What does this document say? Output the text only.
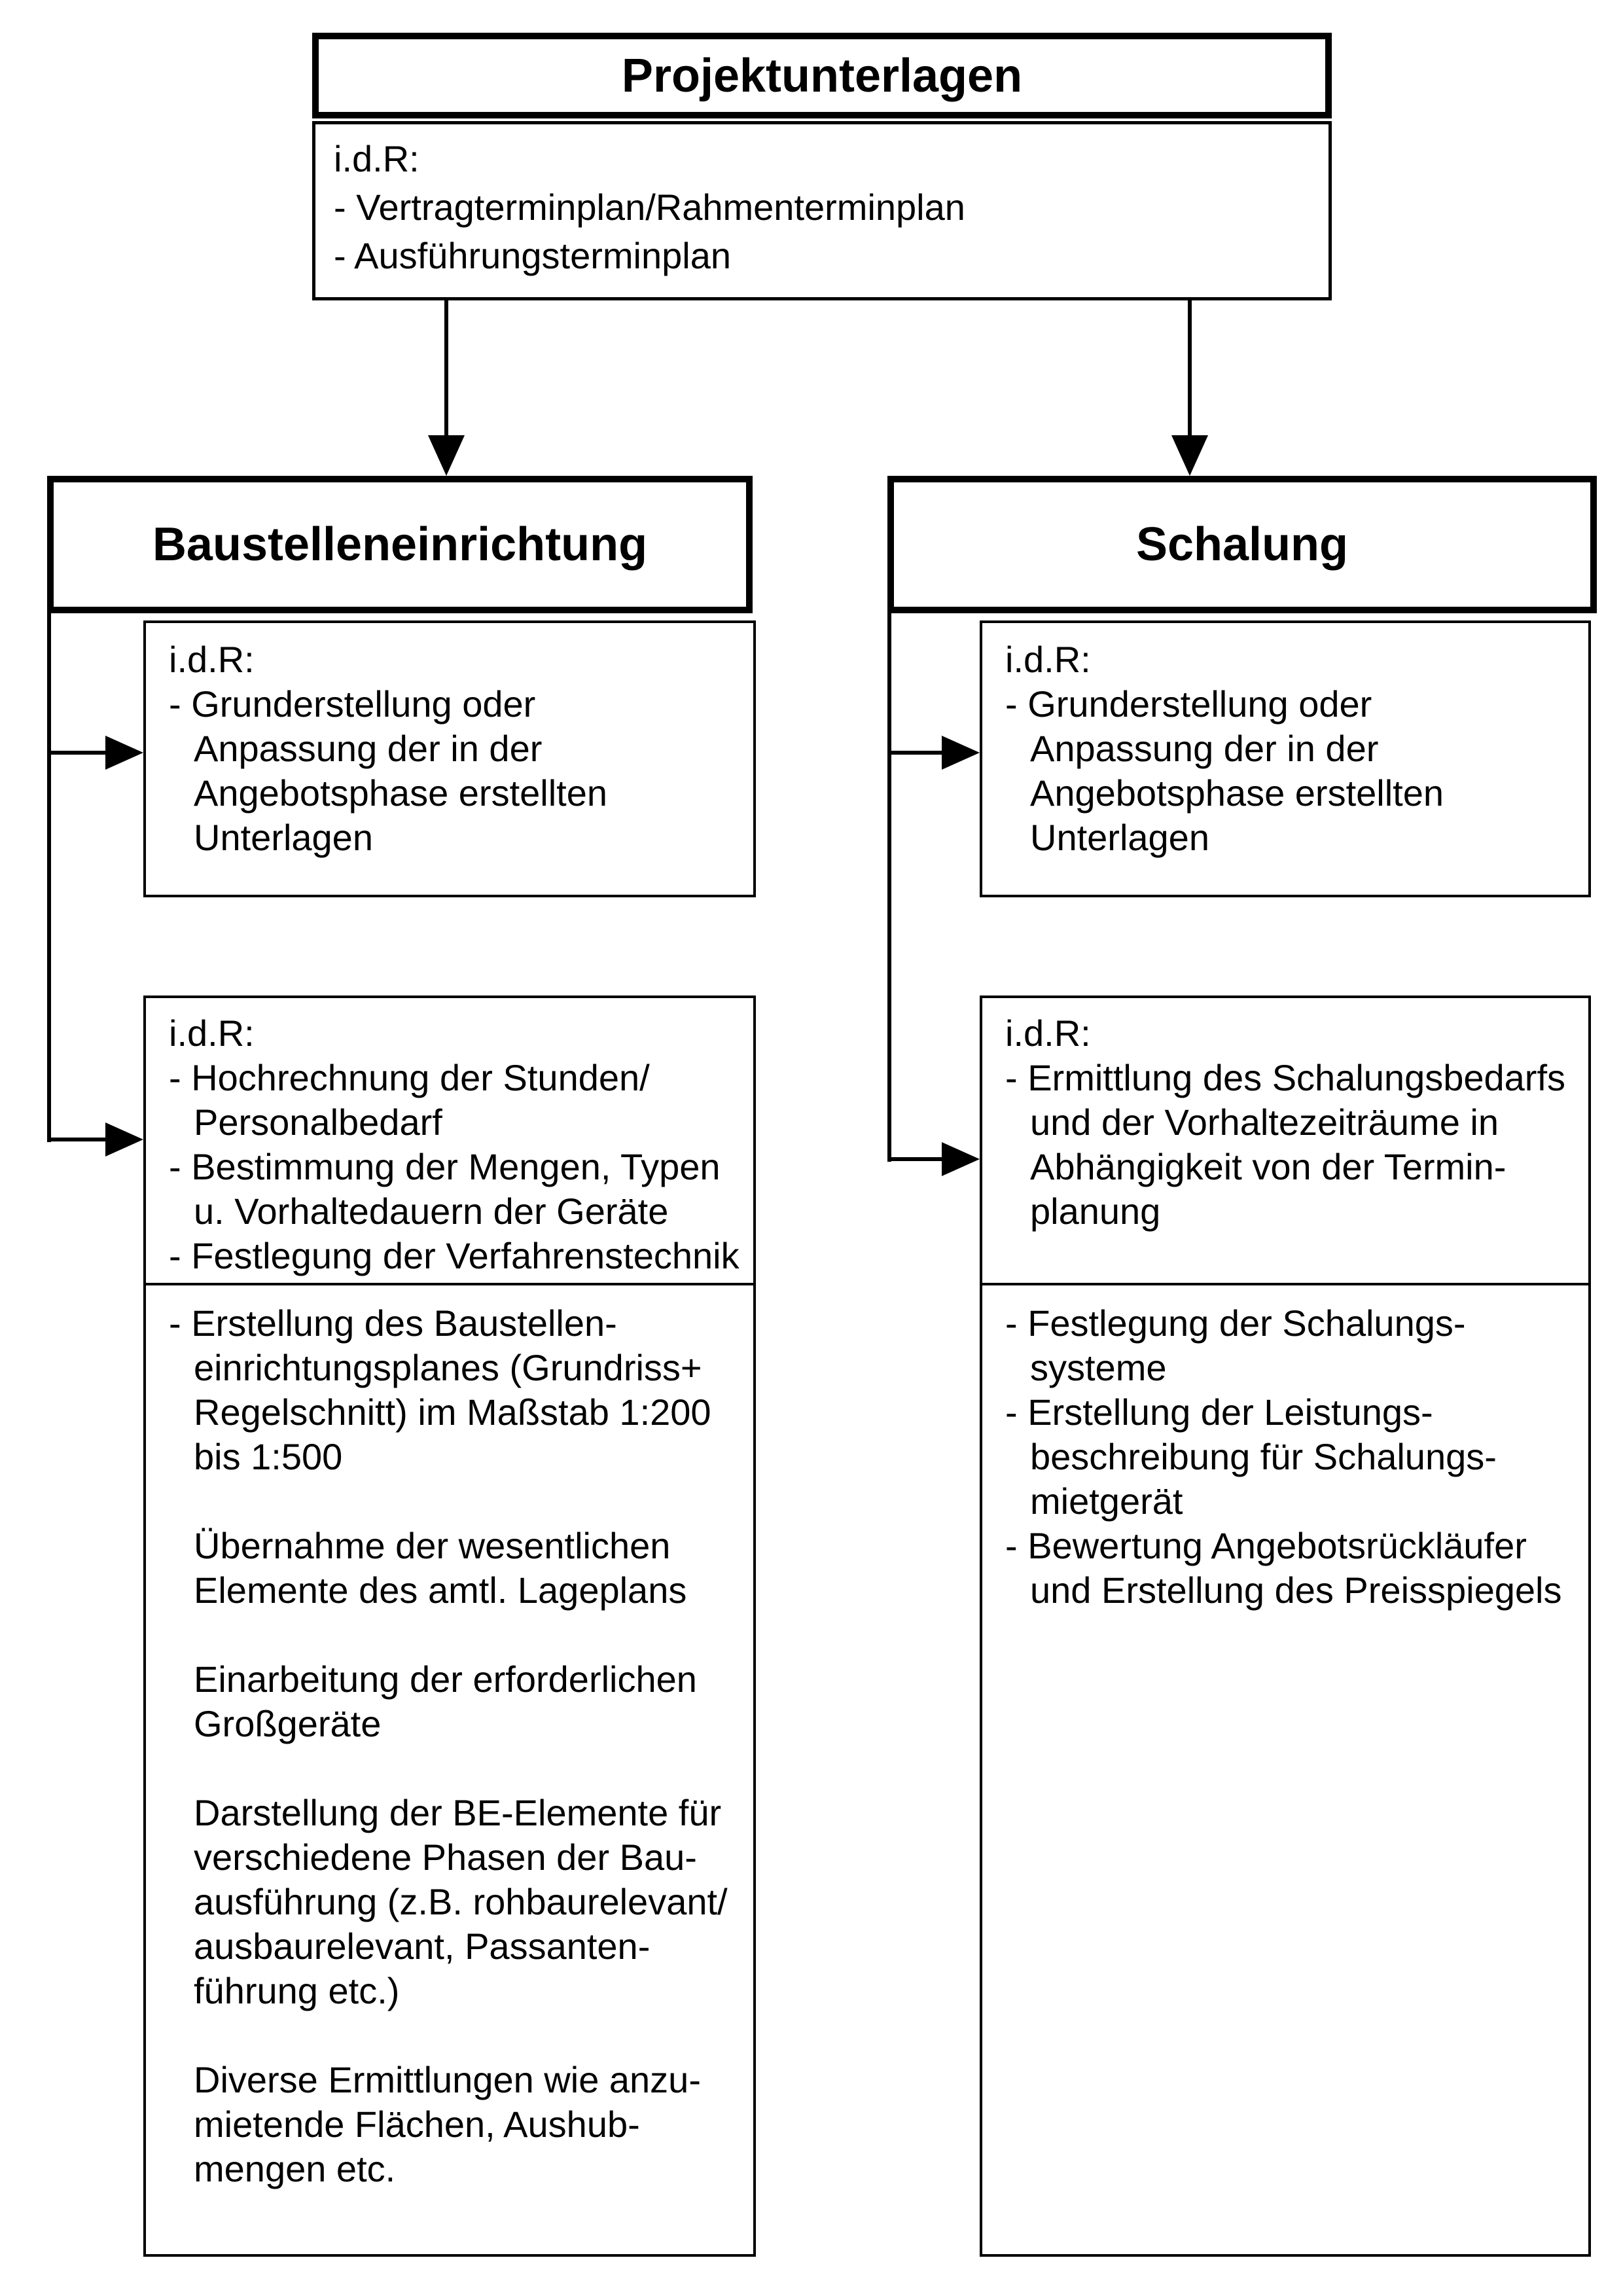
Projektunterlagen
i.d.R:
- Vertragterminplan/Rahmenterminplan
- Ausführungsterminplan
Baustelleneinrichtung
i.d.R:
- Grunderstellung oder
Anpassung der in der
Angebotsphase erstellten
Unterlagen
i.d.R:
- Hochrechnung der Stunden/
Personalbedarf
- Bestimmung der Mengen, Typen
u. Vorhaltedauern der Geräte
- Festlegung der Verfahrenstechnik
- Erstellung des Baustellen-
einrichtungsplanes (Grundriss+
Regelschnitt) im Maßstab 1:200
bis 1:500

Übernahme der wesentlichen
Elemente des amtl. Lageplans

Einarbeitung der erforderlichen
Großgeräte

Darstellung der BE-Elemente für
verschiedene Phasen der Bau-
ausführung (z.B. rohbaurelevant/
ausbaurelevant, Passanten-
führung etc.)

Diverse Ermittlungen wie anzu-
mietende Flächen, Aushub-
mengen etc.
Schalung
i.d.R:
- Grunderstellung oder
Anpassung der in der
Angebotsphase erstellten
Unterlagen
i.d.R:
- Ermittlung des Schalungsbedarfs
und der Vorhaltezeiträume in
Abhängigkeit von der Termin-
planung
- Festlegung der Schalungs-
systeme
- Erstellung der Leistungs-
beschreibung für Schalungs-
mietgerät
- Bewertung Angebotsrückläufer
und Erstellung des Preisspiegels
